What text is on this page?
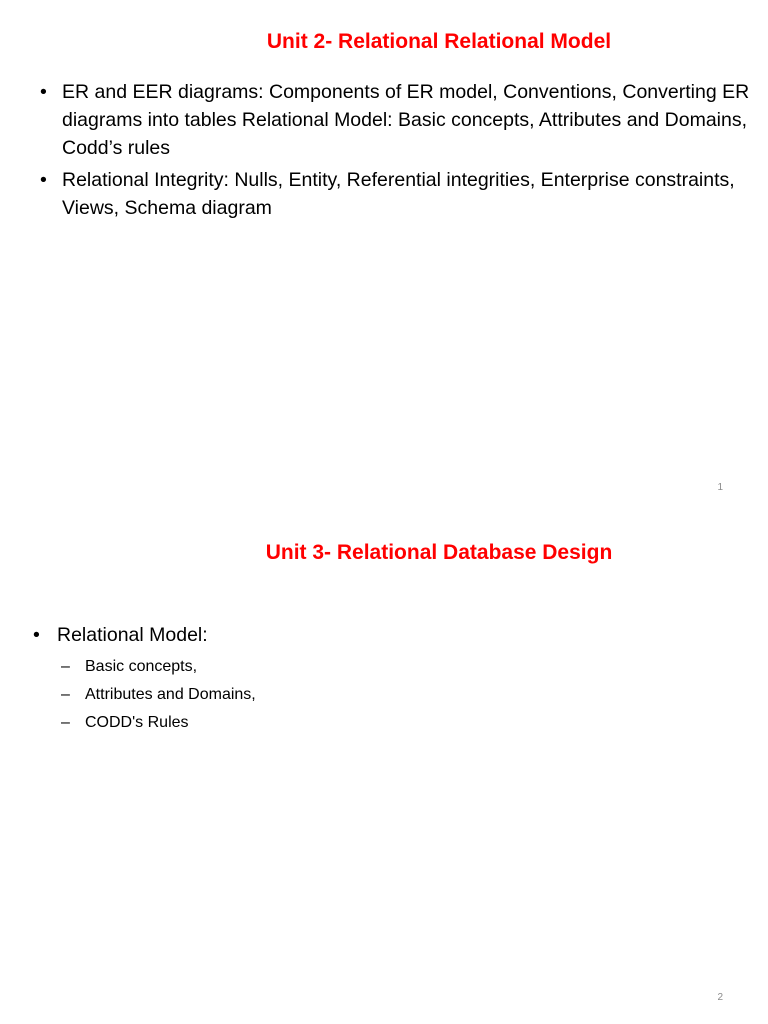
Unit 2- Relational Relational Model
• ER and EER diagrams: Components of ER model, Conventions, Converting ER diagrams into tables Relational Model: Basic concepts, Attributes and Domains, Codd’s rules
• Relational Integrity: Nulls, Entity, Referential integrities, Enterprise constraints, Views, Schema diagram
1
Unit 3- Relational Database Design
• Relational Model:
– Basic concepts,
– Attributes and Domains,
– CODD's Rules
2
